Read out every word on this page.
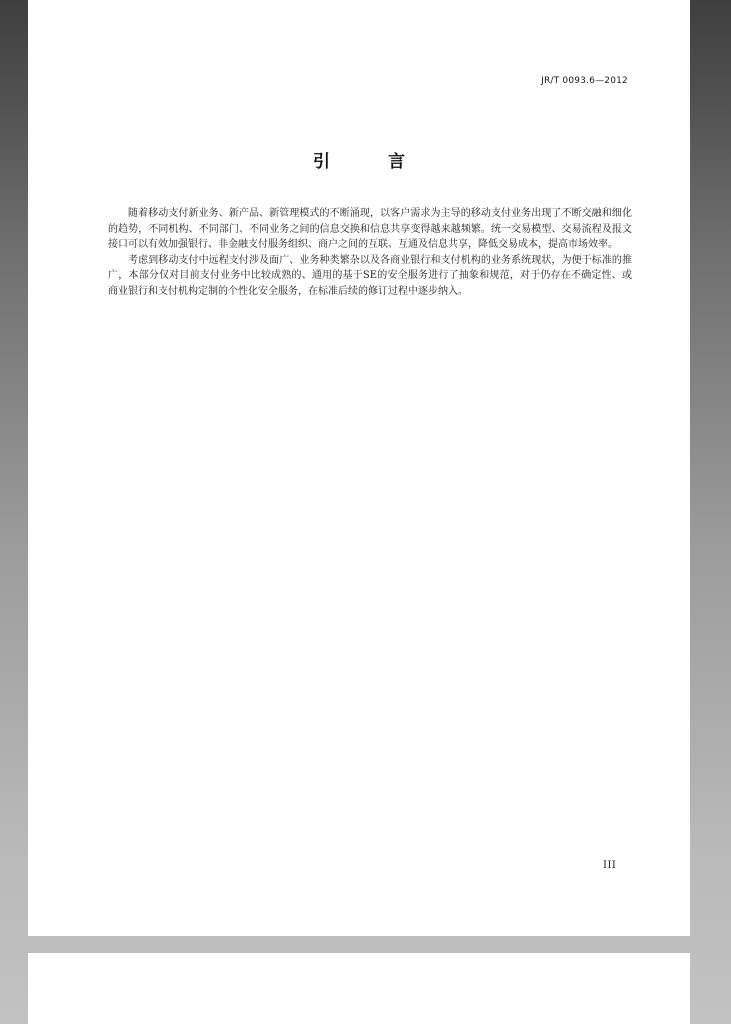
JR/T 0093.6—2012
引 言

随着移动支付新业务、新产品、新管理模式的不断涌现，以客户需求为主导的移动支付业务出现了不断交融和细化的趋势，不同机构、不同部门、不同业务之间的信息交换和信息共享变得越来越频繁。统一交易模型、交易流程及报文接口可以有效加强银行、非金融支付服务组织、商户之间的互联、互通及信息共享，降低交易成本，提高市场效率。

考虑到移动支付中远程支付涉及面广、业务种类繁杂以及各商业银行和支付机构的业务系统现状，为便于标准的推广，本部分仅对目前支付业务中比较成熟的、通用的基于SE的安全服务进行了抽象和规范，对于仍存在不确定性、或商业银行和支付机构定制的个性化安全服务，在标准后续的修订过程中逐步纳入。

III
